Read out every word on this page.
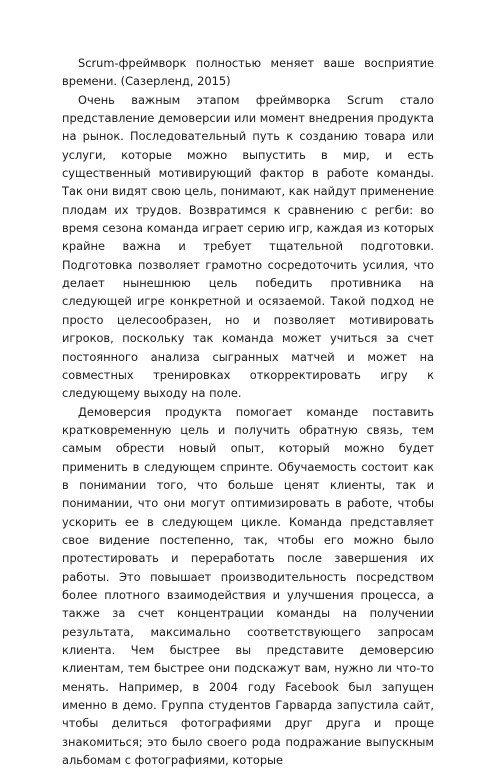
Scrum-фреймворк полностью меняет ваше восприятие времени. (Сазерленд, 2015)

Очень важным этапом фреймворка Scrum стало представление демоверсии или момент внедрения продукта на рынок. Последовательный путь к созданию товара или услуги, которые можно выпустить в мир, и есть существенный мотивирующий фактор в работе команды. Так они видят свою цель, понимают, как найдут применение плодам их трудов. Возвратимся к сравнению с регби: во время сезона команда играет серию игр, каждая из которых крайне важна и требует тщательной подготовки. Подготовка позволяет грамотно сосредоточить усилия, что делает нынешнюю цель победить противника на следующей игре конкретной и осязаемой. Такой подход не просто целесообразен, но и позволяет мотивировать игроков, поскольку так команда может учиться за счет постоянного анализа сыгранных матчей и может на совместных тренировках откорректировать игру к следующему выходу на поле.

Демоверсия продукта помогает команде поставить кратковременную цель и получить обратную связь, тем самым обрести новый опыт, который можно будет применить в следующем спринте. Обучаемость состоит как в понимании того, что больше ценят клиенты, так и понимании, что они могут оптимизировать в работе, чтобы ускорить ее в следующем цикле. Команда представляет свое видение постепенно, так, чтобы его можно было протестировать и переработать после завершения их работы. Это повышает производительность посредством более плотного взаимодействия и улучшения процесса, а также за счет концентрации команды на получении результата, максимально соответствующего запросам клиента. Чем быстрее вы представите демоверсию клиентам, тем быстрее они подскажут вам, нужно ли что-то менять. Например, в 2004 году Facebook был запущен именно в демо. Группа студентов Гарварда запустила сайт, чтобы делиться фотографиями друг друга и проще знакомиться; это было своего рода подражание выпускным альбомам с фотографиями, которые
